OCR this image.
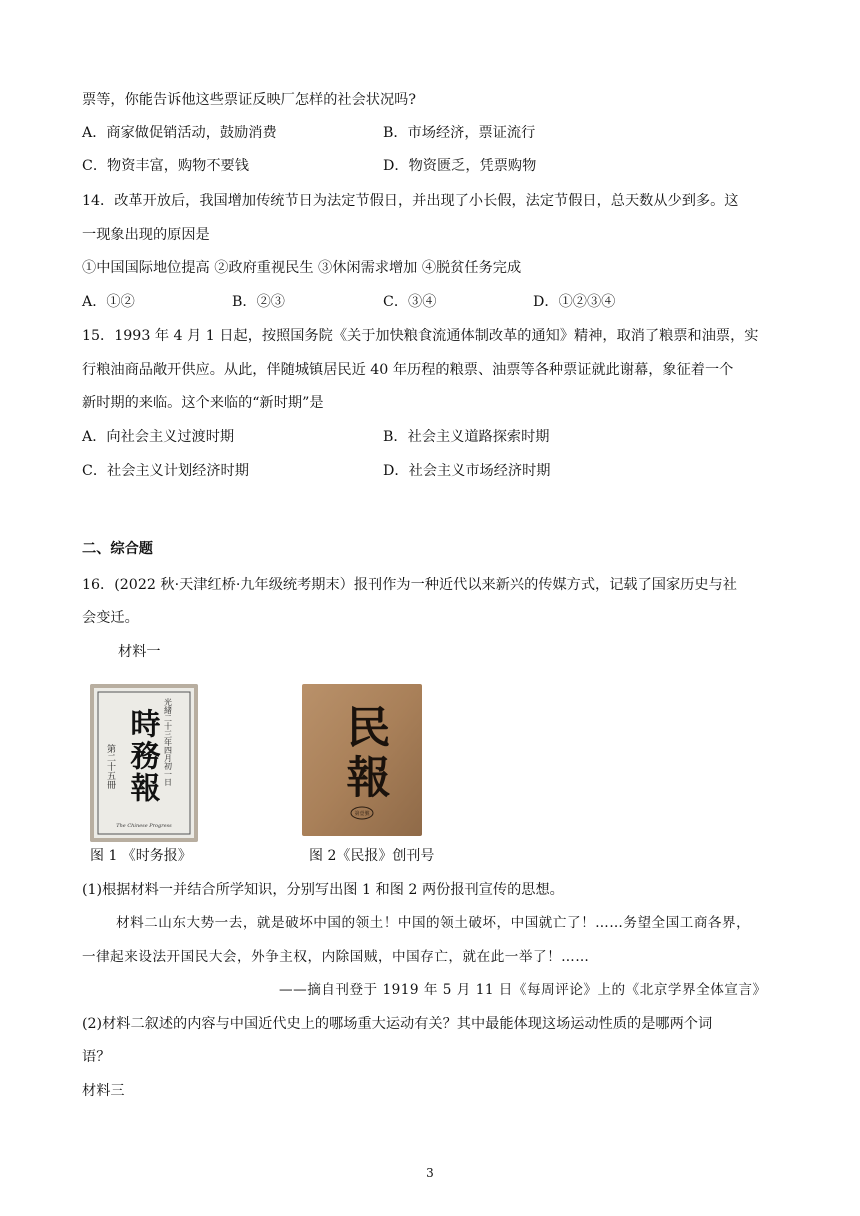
票等，你能告诉他这些票证反映厂怎样的社会状况吗?
A．商家做促销活动，鼓励消费	B．市场经济，票证流行
C．物资丰富，购物不要钱	D．物资匮乏，凭票购物
14．改革开放后，我国增加传统节日为法定节假日，并出现了小长假，法定节假日，总天数从少到多。这
一现象出现的原因是
①中国国际地位提高 ②政府重视民生 ③休闲需求增加 ④脱贫任务完成
A．①②	B．②③	C．③④	D．①②③④
15．1993 年 4 月 1 日起，按照国务院《关于加快粮食流通体制改革的通知》精神，取消了粮票和油票，实
行粮油商品敞开供应。从此，伴随城镇居民近 40 年历程的粮票、油票等各种票证就此谢幕，象征着一个
新时期的来临。这个来临的“新时期”是
A．向社会主义过渡时期	B．社会主义道路探索时期
C．社会主义计划经济时期	D．社会主义市场经济时期
二、综合题
16．(2022 秋·天津红桥·九年级统考期末）报刊作为一种近代以来新兴的传媒方式，记载了国家历史与社
会变迁。
材料一
光緒二十三年四月初一日
時務報
第二十五冊
The Chinese Progress
图 1 《时务报》
民報
第壹號
图 2《民报》创刊号
(1)根据材料一并结合所学知识，分别写出图 1 和图 2 两份报刊宣传的思想。
材料二山东大势一去，就是破坏中国的领土！中国的领土破坏，中国就亡了！……务望全国工商各界，
一律起来设法开国民大会，外争主权，内除国贼，中国存亡，就在此一举了！……
——摘自刊登于 1919 年 5 月 11 日《每周评论》上的《北京学界全体宣言》
(2)材料二叙述的内容与中国近代史上的哪场重大运动有关？其中最能体现这场运动性质的是哪两个词
语？
材料三
3
